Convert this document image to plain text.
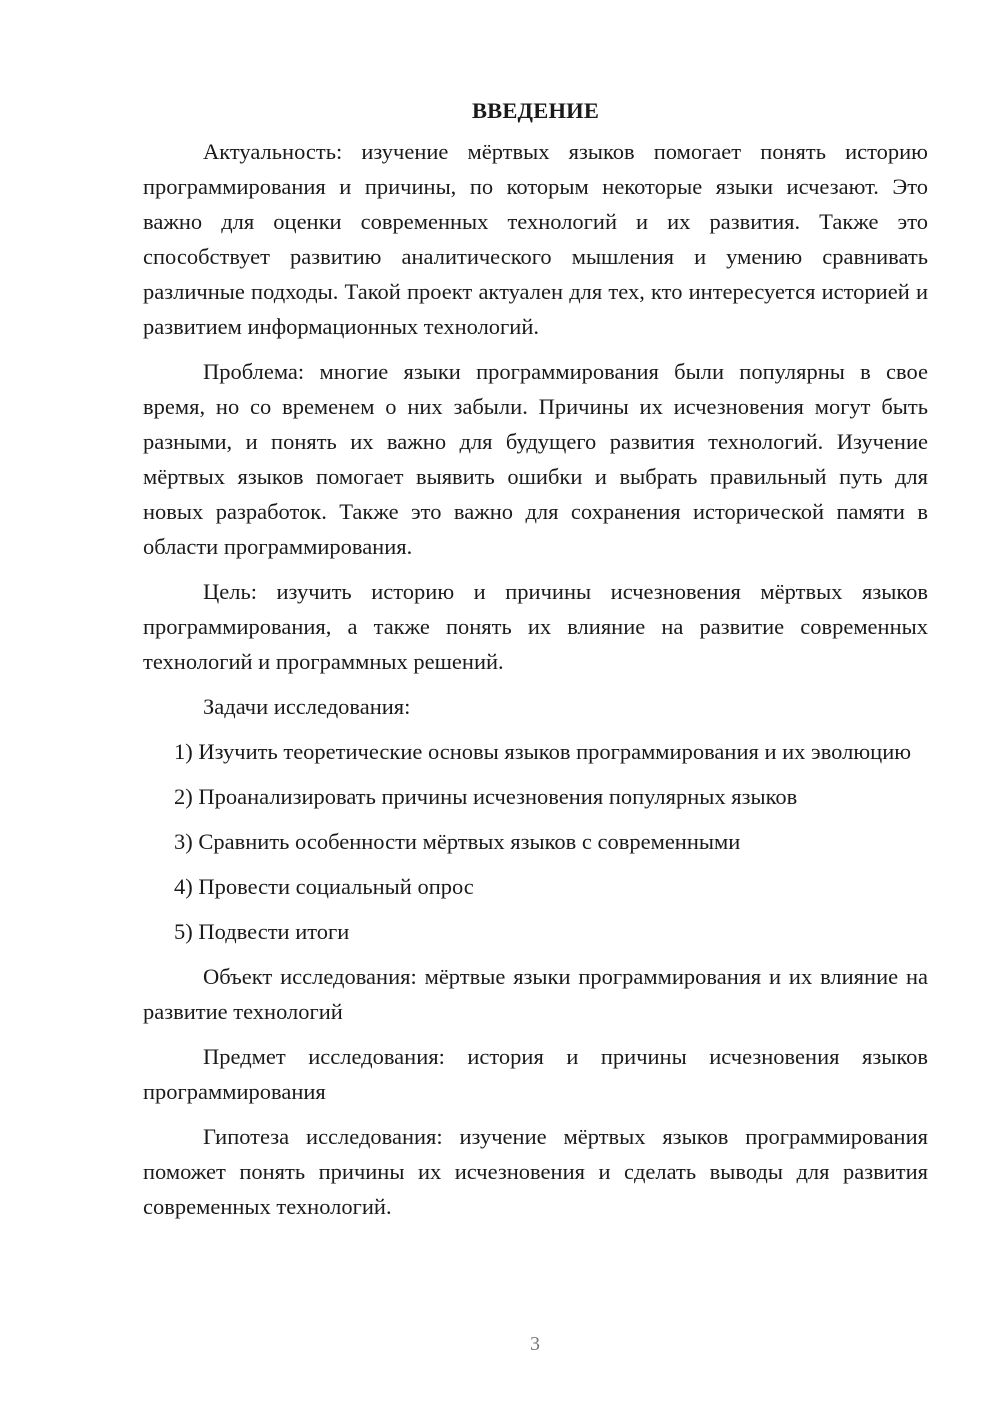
ВВЕДЕНИЕ

Актуальность: изучение мёртвых языков помогает понять историю программирования и причины, по которым некоторые языки исчезают. Это важно для оценки современных технологий и их развития. Также это способствует развитию аналитического мышления и умению сравнивать различные подходы. Такой проект актуален для тех, кто интересуется историей и развитием информационных технологий.

Проблема: многие языки программирования были популярны в свое время, но со временем о них забыли. Причины их исчезновения могут быть разными, и понять их важно для будущего развития технологий. Изучение мёртвых языков помогает выявить ошибки и выбрать правильный путь для новых разработок. Также это важно для сохранения исторической памяти в области программирования.

Цель: изучить историю и причины исчезновения мёртвых языков программирования, а также понять их влияние на развитие современных технологий и программных решений.

Задачи исследования:

1) Изучить теоретические основы языков программирования и их эволюцию

2) Проанализировать причины исчезновения популярных языков

3) Сравнить особенности мёртвых языков с современными

4) Провести социальный опрос

5) Подвести итоги

Объект исследования: мёртвые языки программирования и их влияние на развитие технологий

Предмет исследования: история и причины исчезновения языков программирования

Гипотеза исследования: изучение мёртвых языков программирования поможет понять причины их исчезновения и сделать выводы для развития современных технологий.

3
